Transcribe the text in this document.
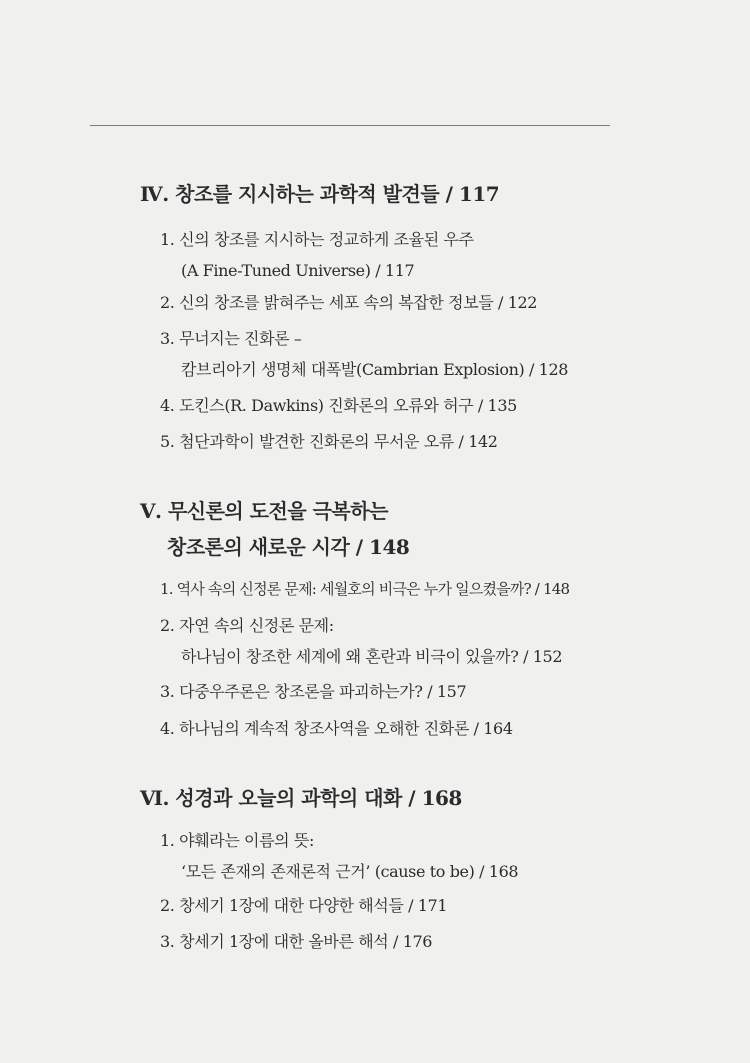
Ⅳ. 창조를 지시하는 과학적 발견들 / 117
1. 신의 창조를 지시하는 정교하게 조율된 우주
(A Fine-Tuned Universe) / 117
2. 신의 창조를 밝혀주는 세포 속의 복잡한 정보들 / 122
3. 무너지는 진화론 –
캄브리아기 생명체 대폭발(Cambrian Explosion) / 128
4. 도킨스(R. Dawkins) 진화론의 오류와 허구 / 135
5. 첨단과학이 발견한 진화론의 무서운 오류 / 142
Ⅴ. 무신론의 도전을 극복하는
창조론의 새로운 시각 / 148
1. 역사 속의 신정론 문제: 세월호의 비극은 누가 일으켰을까? / 148
2. 자연 속의 신정론 문제:
하나님이 창조한 세계에 왜 혼란과 비극이 있을까? / 152
3. 다중우주론은 창조론을 파괴하는가? / 157
4. 하나님의 계속적 창조사역을 오해한 진화론 / 164
Ⅵ. 성경과 오늘의 과학의 대화 / 168
1. 야훼라는 이름의 뜻:
‘모든 존재의 존재론적 근거’ (cause to be) / 168
2. 창세기 1장에 대한 다양한 해석들 / 171
3. 창세기 1장에 대한 올바른 해석 / 176
